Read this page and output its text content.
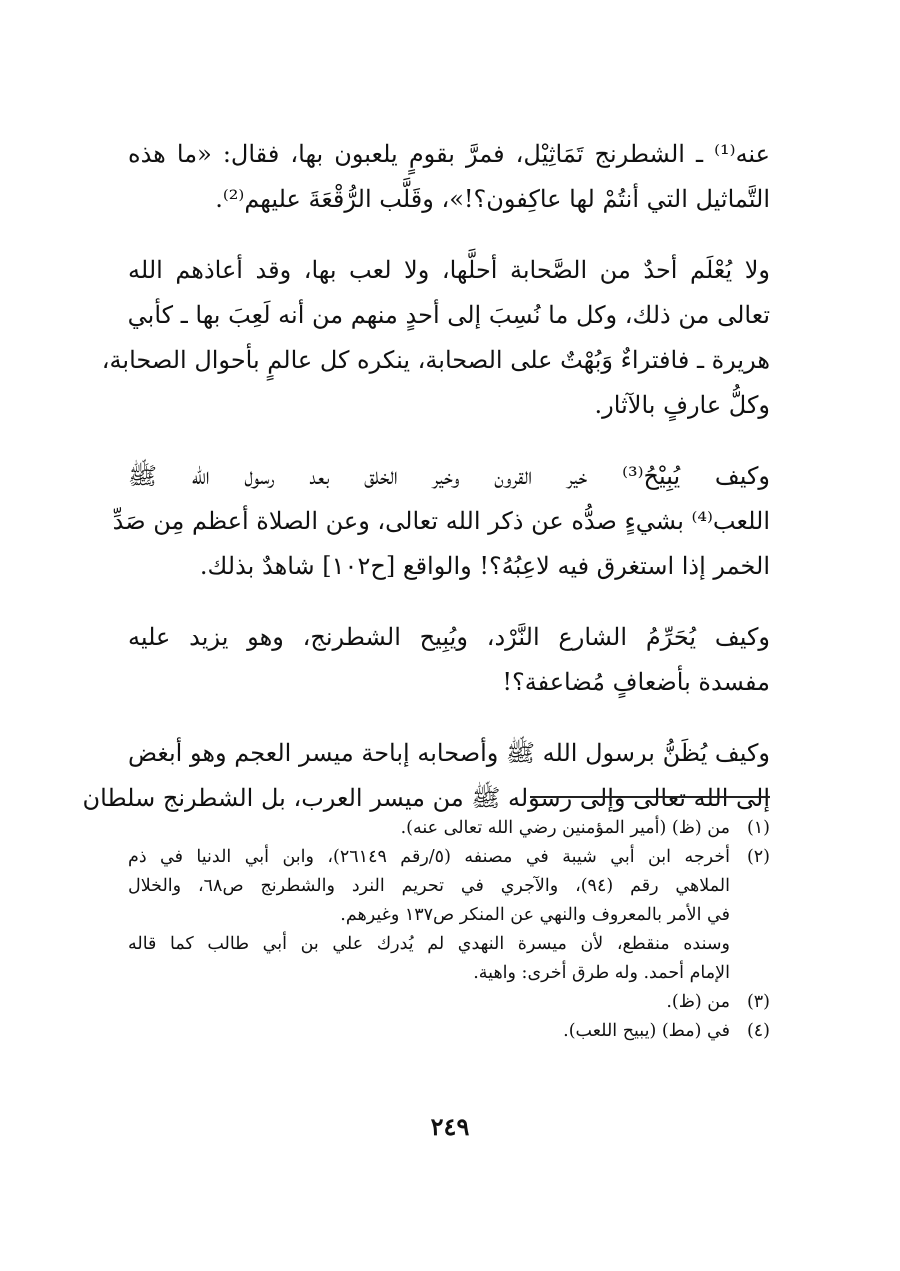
عنه⁽¹⁾ ـ الشطرنج تَمَاثِيْل، فمرَّ بقومٍ يلعبون بها، فقال: «ما هذه
التَّماثيل التي أنتُمْ لها عاكِفون؟!»، وقَلَّب الرُّقْعَةَ عليهم⁽²⁾.
ولا يُعْلَم أحدٌ من الصَّحابة أحلَّها، ولا لعب بها، وقد أعاذهم الله
تعالى من ذلك، وكل ما نُسِبَ إلى أحدٍ منهم من أنه لَعِبَ بها ـ كأبي
هريرة ـ فافتراءٌ وَبُهْتٌ على الصحابة، ينكره كل عالمٍ بأحوال الصحابة،
وكلُّ عارفٍ بالآثار.
وكيف يُبِيْحُ⁽³⁾ خير القرون وخير الخلق بعد رسول الله ﷺ
اللعب⁽⁴⁾ بشيءٍ صدُّه عن ذكر الله تعالى، وعن الصلاة أعظم مِن صَدِّ
الخمر إذا استغرق فيه لاعِبُهُ؟! والواقع [ح١٠٢] شاهدٌ بذلك.
وكيف يُحَرِّمُ الشارع النَّرْد، ويُبِيح الشطرنج، وهو يزيد عليه
مفسدة بأضعافٍ مُضاعفة؟!
وكيف يُظَنُّ برسول الله ﷺ وأصحابه إباحة ميسر العجم وهو أبغض
إلى الله تعالى وإلى رسوله ﷺ من ميسر العرب، بل الشطرنج سلطان
(١)
من (ظ) (أمير المؤمنين رضي الله تعالى عنه).
(٢)
أخرجه ابن أبي شيبة في مصنفه (٥/رقم ٢٦١٤٩)، وابن أبي الدنيا في ذم
الملاهي رقم (٩٤)، والآجري في تحريم النرد والشطرنج ص٦٨، والخلال
في الأمر بالمعروف والنهي عن المنكر ص١٣٧ وغيرهم.
وسنده منقطع، لأن ميسرة النهدي لم يُدرك علي بن أبي طالب كما قاله
الإمام أحمد. وله طرق أخرى: واهية.
(٣)
من (ظ).
(٤)
في (مط) (يبيح اللعب).
٢٤٩
